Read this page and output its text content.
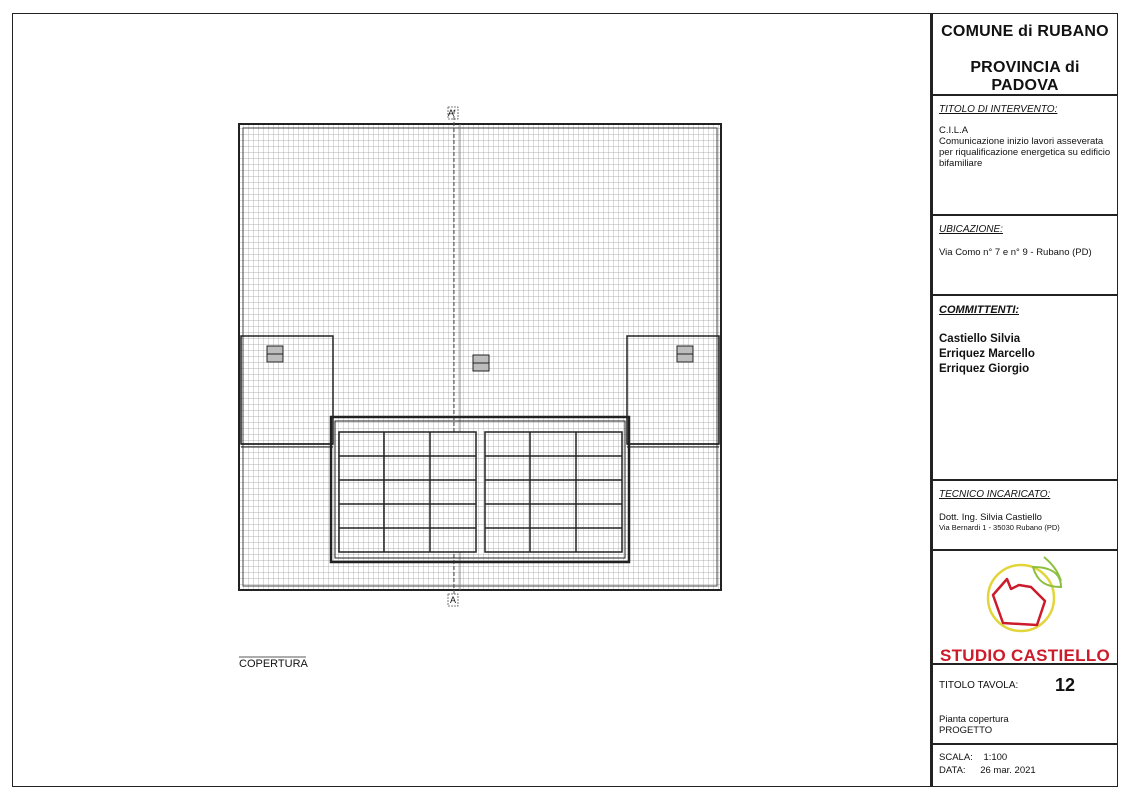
A'
A
COPERTURA
COMUNE di RUBANO
PROVINCIA di PADOVA
TITOLO DI INTERVENTO:
C.I.L.A
Comunicazione inizio lavori asseverata per riqualificazione energetica su edificio bifamiliare
UBICAZIONE:
Via Como n° 7 e n° 9 - Rubano (PD)
COMMITTENTI:
Castiello Silvia
Erriquez Marcello
Erriquez Giorgio
TECNICO INCARICATO:
Dott. Ing. Silvia Castiello
Via Bernardi 1 - 35030 Rubano (PD)
STUDIO CASTIELLO
TITOLO TAVOLA: 12
Pianta copertura
PROGETTO
SCALA: 1:100
DATA: 26 mar. 2021
